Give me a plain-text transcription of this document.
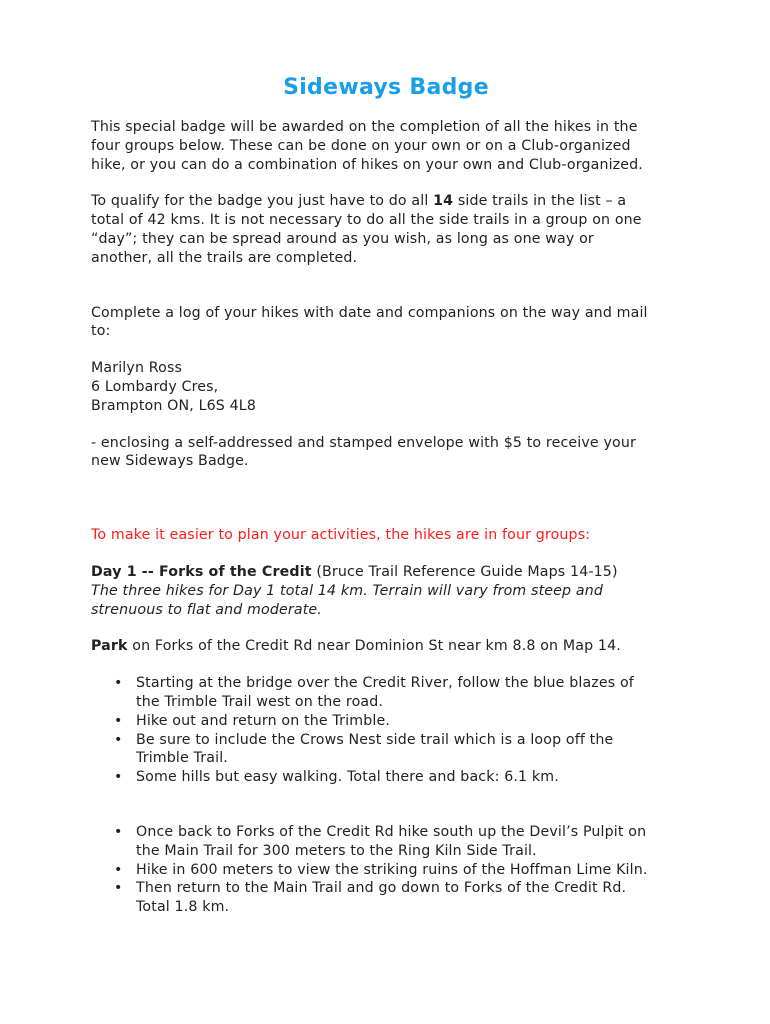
Sideways Badge

This special badge will be awarded on the completion of all the hikes in the
four groups below. These can be done on your own or on a Club-organized
hike, or you can do a combination of hikes on your own and Club-organized.

To qualify for the badge you just have to do all 14 side trails in the list – a
total of 42 kms. It is not necessary to do all the side trails in a group on one
“day”; they can be spread around as you wish, as long as one way or
another, all the trails are completed.

Complete a log of your hikes with date and companions on the way and mail
to:

Marilyn Ross
6 Lombardy Cres,
Brampton ON, L6S 4L8

- enclosing a self-addressed and stamped envelope with $5 to receive your
new Sideways Badge.

To make it easier to plan your activities, the hikes are in four groups:

Day 1 -- Forks of the Credit (Bruce Trail Reference Guide Maps 14-15)
The three hikes for Day 1 total 14 km. Terrain will vary from steep and
strenuous to flat and moderate.

Park on Forks of the Credit Rd near Dominion St near km 8.8 on Map 14.

• Starting at the bridge over the Credit River, follow the blue blazes of
the Trimble Trail west on the road.
• Hike out and return on the Trimble.
• Be sure to include the Crows Nest side trail which is a loop off the
Trimble Trail.
• Some hills but easy walking. Total there and back: 6.1 km.
• Once back to Forks of the Credit Rd hike south up the Devil’s Pulpit on
the Main Trail for 300 meters to the Ring Kiln Side Trail.
• Hike in 600 meters to view the striking ruins of the Hoffman Lime Kiln.
• Then return to the Main Trail and go down to Forks of the Credit Rd.
Total 1.8 km.
